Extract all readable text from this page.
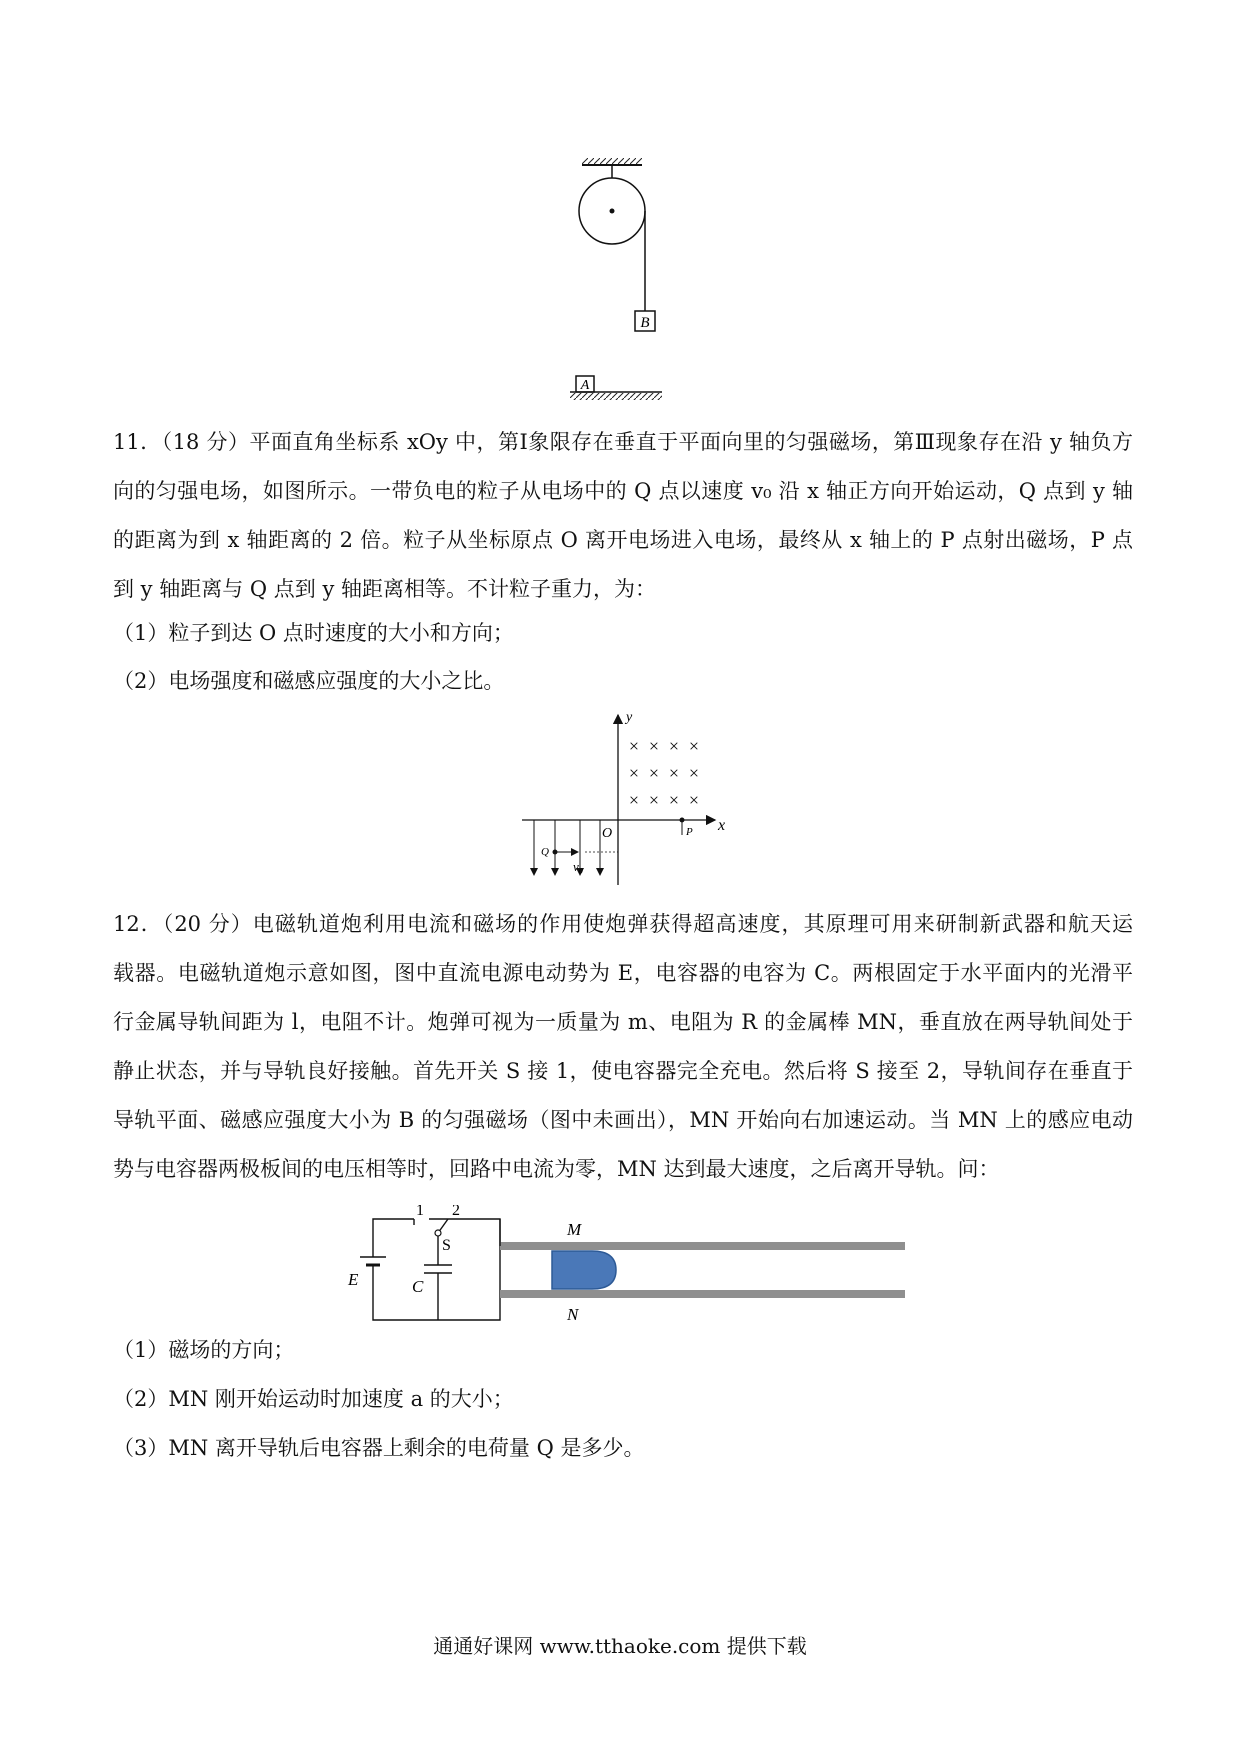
B
A
11．（18 分）平面直角坐标系 xOy 中，第Ⅰ象限存在垂直于平面向里的匀强磁场，第Ⅲ现象存在沿 y 轴负方
向的匀强电场，如图所示。一带负电的粒子从电场中的 Q 点以速度 v₀ 沿 x 轴正方向开始运动，Q 点到 y 轴
的距离为到 x 轴距离的 2 倍。粒子从坐标原点 O 离开电场进入电场，最终从 x 轴上的 P 点射出磁场，P 点
到 y 轴距离与 Q 点到 y 轴距离相等。不计粒子重力，为：
（1）粒子到达 O 点时速度的大小和方向；
（2）电场强度和磁感应强度的大小之比。
y
x
O
× × × ×
× × × ×
× × × ×
P
Q
v₀
12．（20 分）电磁轨道炮利用电流和磁场的作用使炮弹获得超高速度，其原理可用来研制新武器和航天运
载器。电磁轨道炮示意如图，图中直流电源电动势为 E，电容器的电容为 C。两根固定于水平面内的光滑平
行金属导轨间距为 l，电阻不计。炮弹可视为一质量为 m、电阻为 R 的金属棒 MN，垂直放在两导轨间处于
静止状态，并与导轨良好接触。首先开关 S 接 1，使电容器完全充电。然后将 S 接至 2，导轨间存在垂直于
导轨平面、磁感应强度大小为 B 的匀强磁场（图中未画出），MN 开始向右加速运动。当 MN 上的感应电动
势与电容器两极板间的电压相等时，回路中电流为零，MN 达到最大速度，之后离开导轨。问：
1 2
S
E	C
M
N
（1）磁场的方向；
（2）MN 刚开始运动时加速度 a 的大小；
（3）MN 离开导轨后电容器上剩余的电荷量 Q 是多少。
通通好课网 www.tthaoke.com 提供下载
